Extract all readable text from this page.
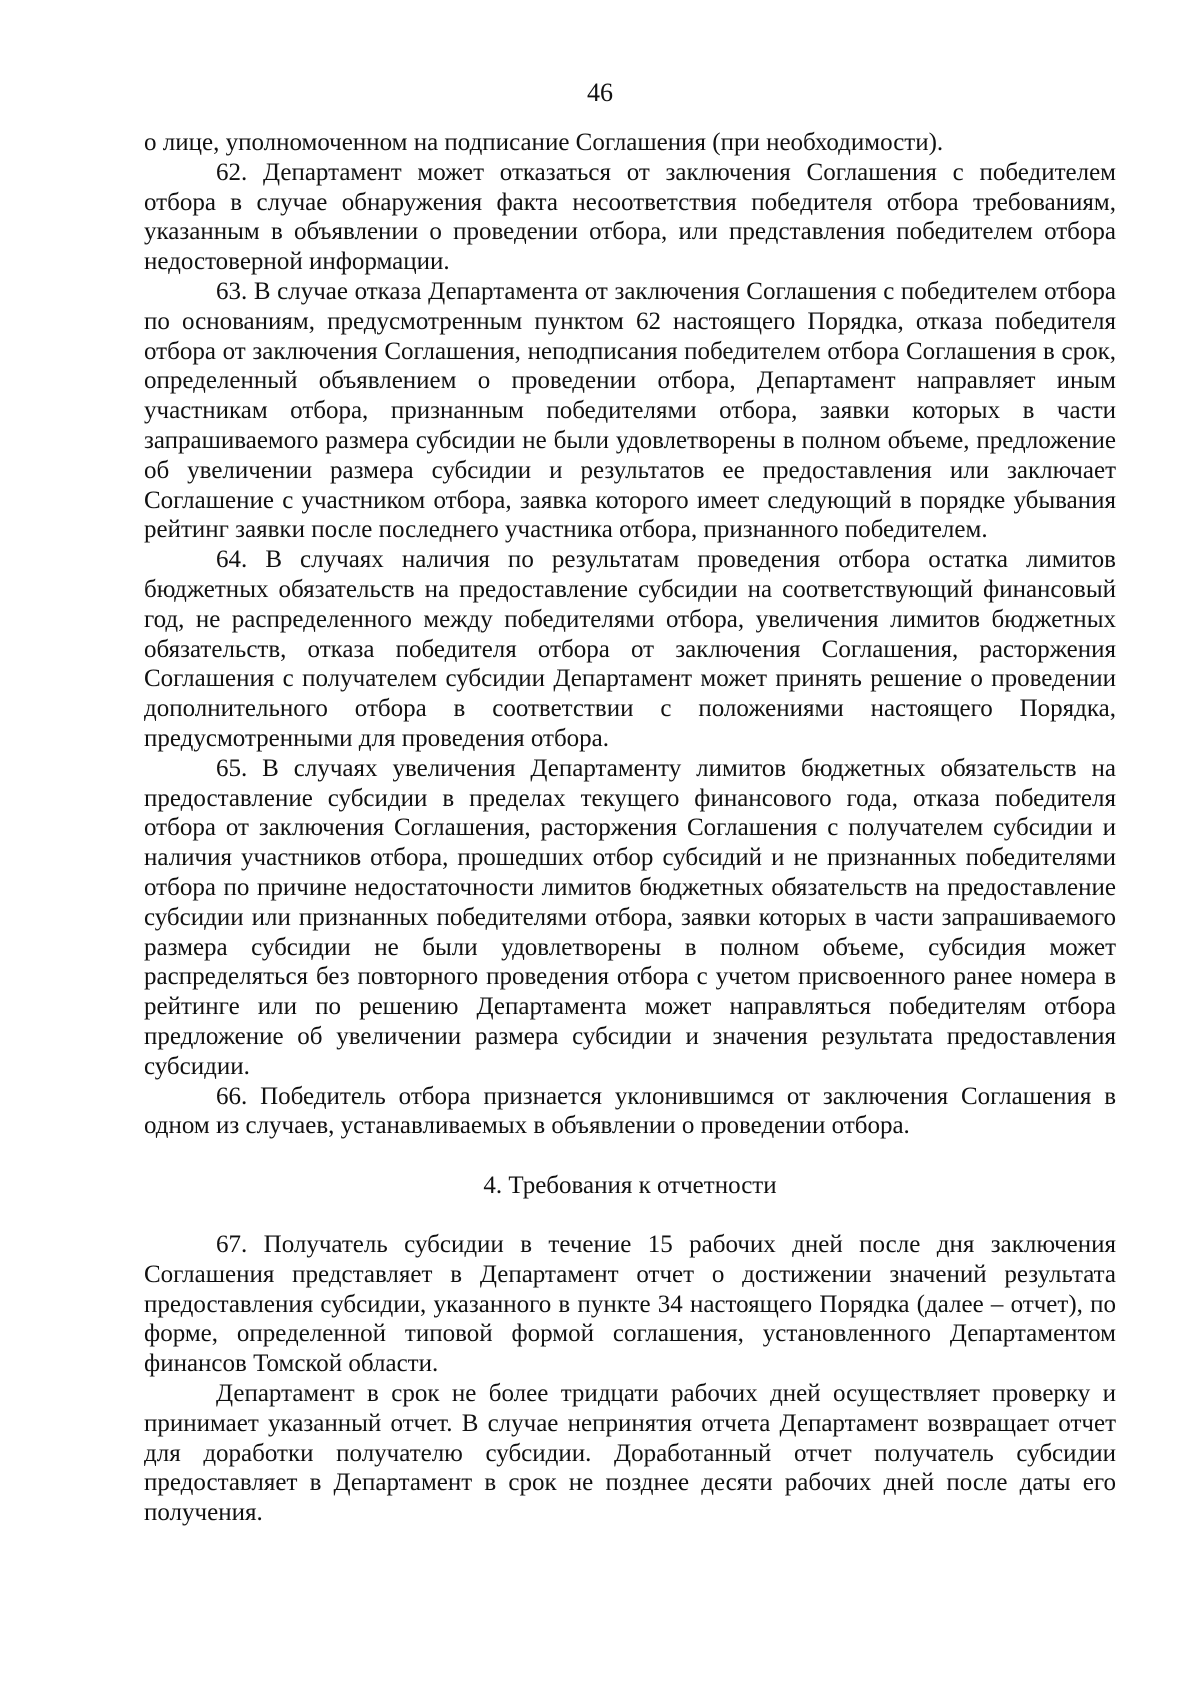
46

о лице, уполномоченном на подписание Соглашения (при необходимости).

62. Департамент может отказаться от заключения Соглашения с победителем отбора в случае обнаружения факта несоответствия победителя отбора требованиям, указанным в объявлении о проведении отбора, или представления победителем отбора недостоверной информации.

63. В случае отказа Департамента от заключения Соглашения с победителем отбора по основаниям, предусмотренным пунктом 62 настоящего Порядка, отказа победителя отбора от заключения Соглашения, неподписания победителем отбора Соглашения в срок, определенный объявлением о проведении отбора, Департамент направляет иным участникам отбора, признанным победителями отбора, заявки которых в части запрашиваемого размера субсидии не были удовлетворены в полном объеме, предложение об увеличении размера субсидии и результатов ее предоставления или заключает Соглашение с участником отбора, заявка которого имеет следующий в порядке убывания рейтинг заявки после последнего участника отбора, признанного победителем.

64. В случаях наличия по результатам проведения отбора остатка лимитов бюджетных обязательств на предоставление субсидии на соответствующий финансовый год, не распределенного между победителями отбора, увеличения лимитов бюджетных обязательств, отказа победителя отбора от заключения Соглашения, расторжения Соглашения с получателем субсидии Департамент может принять решение о проведении дополнительного отбора в соответствии с положениями настоящего Порядка, предусмотренными для проведения отбора.

65. В случаях увеличения Департаменту лимитов бюджетных обязательств на предоставление субсидии в пределах текущего финансового года, отказа победителя отбора от заключения Соглашения, расторжения Соглашения с получателем субсидии и наличия участников отбора, прошедших отбор субсидий и не признанных победителями отбора по причине недостаточности лимитов бюджетных обязательств на предоставление субсидии или признанных победителями отбора, заявки которых в части запрашиваемого размера субсидии не были удовлетворены в полном объеме, субсидия может распределяться без повторного проведения отбора с учетом присвоенного ранее номера в рейтинге или по решению Департамента может направляться победителям отбора предложение об увеличении размера субсидии и значения результата предоставления субсидии.

66. Победитель отбора признается уклонившимся от заключения Соглашения в одном из случаев, устанавливаемых в объявлении о проведении отбора.

4. Требования к отчетности

67. Получатель субсидии в течение 15 рабочих дней после дня заключения Соглашения представляет в Департамент отчет о достижении значений результата предоставления субсидии, указанного в пункте 34 настоящего Порядка (далее – отчет), по форме, определенной типовой формой соглашения, установленного Департаментом финансов Томской области.

Департамент в срок не более тридцати рабочих дней осуществляет проверку и принимает указанный отчет. В случае непринятия отчета Департамент возвращает отчет для доработки получателю субсидии. Доработанный отчет получатель субсидии предоставляет в Департамент в срок не позднее десяти рабочих дней после даты его получения.
